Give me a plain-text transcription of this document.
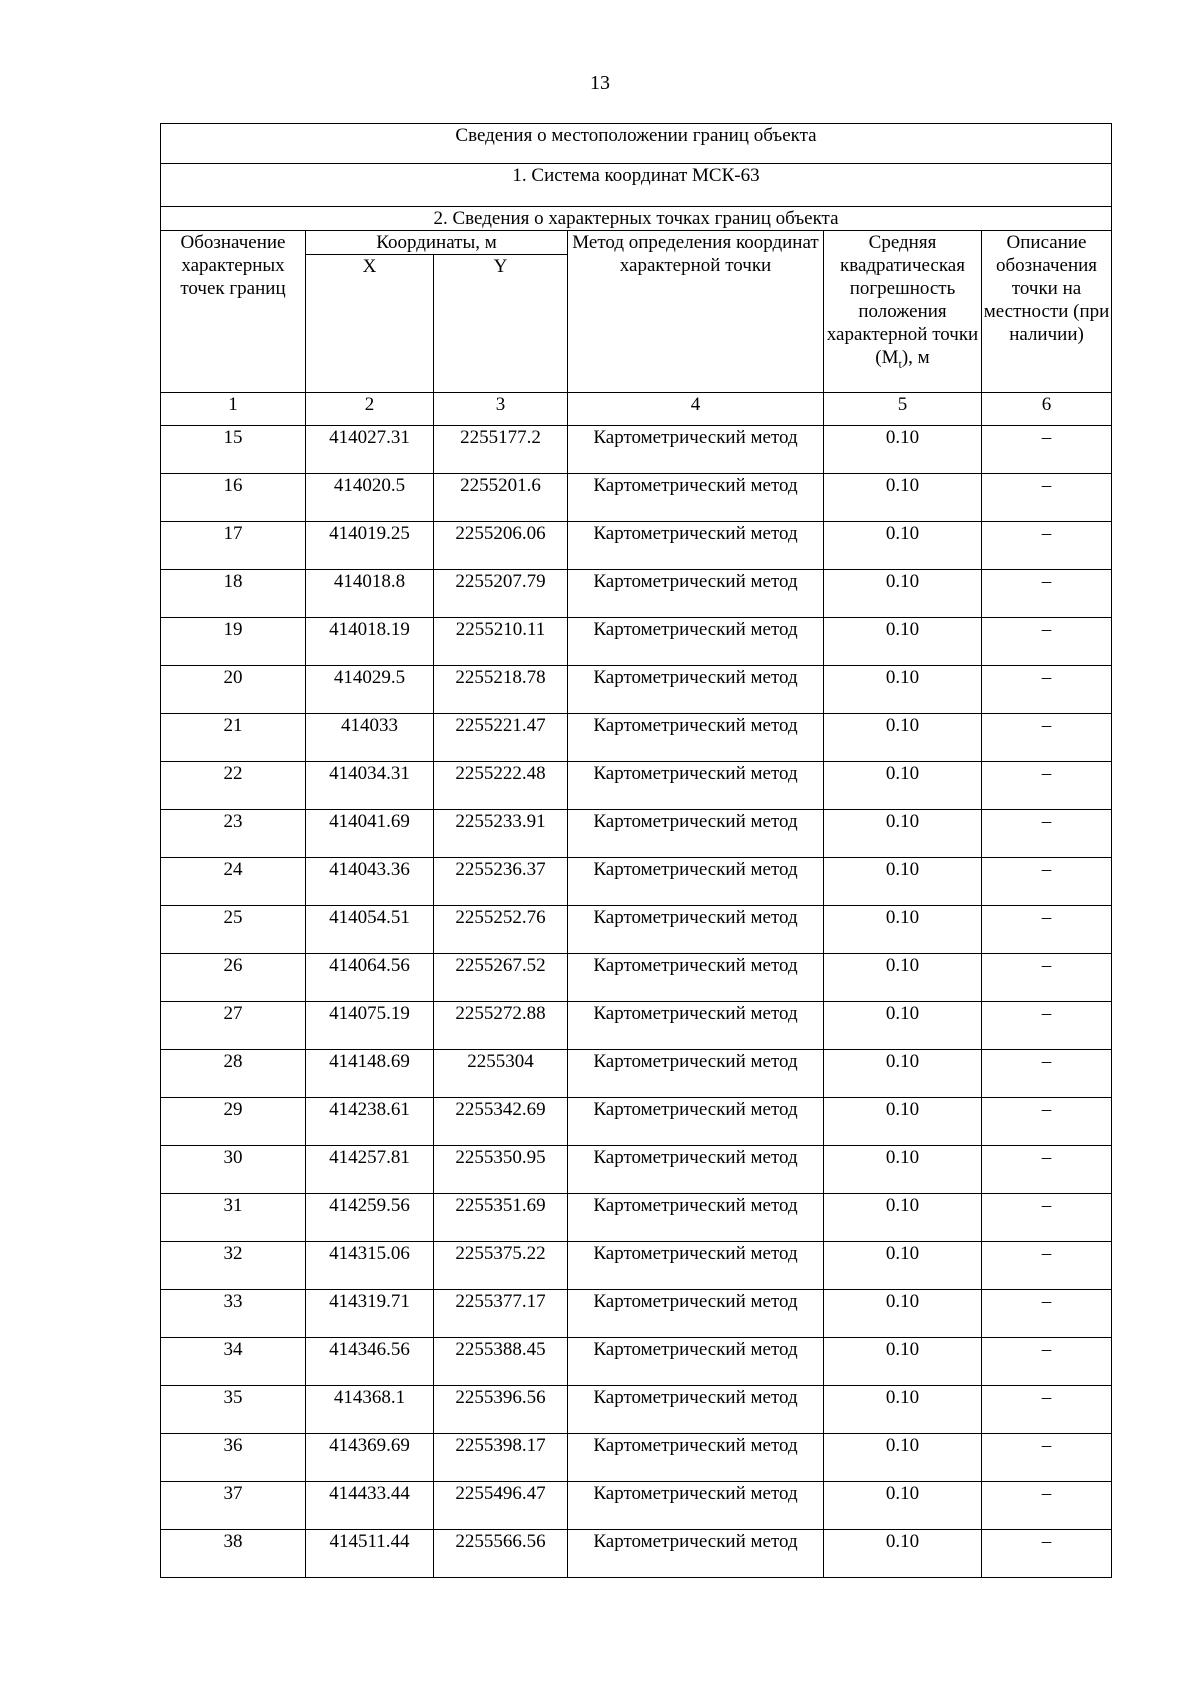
13
Сведения о местоположении границ объекта					
1. Система координат МСК-63					
2. Сведения о характерных точках границ объекта					
Обозначение характерных точек границ	Координаты, м		Метод определения координат характерной точки	Средняя квадратическая погрешность положения характерной точки $(M_t)$, м	Описание обозначения точки на местности (при наличии)
	X	Y			
1	2	3	4	5	6
15	414027.31	2255177.2	Картометрический метод	0.10	–
16	414020.5	2255201.6	Картометрический метод	0.10	–
17	414019.25	2255206.06	Картометрический метод	0.10	–
18	414018.8	2255207.79	Картометрический метод	0.10	–
19	414018.19	2255210.11	Картометрический метод	0.10	–
20	414029.5	2255218.78	Картометрический метод	0.10	–
21	414033	2255221.47	Картометрический метод	0.10	–
22	414034.31	2255222.48	Картометрический метод	0.10	–
23	414041.69	2255233.91	Картометрический метод	0.10	–
24	414043.36	2255236.37	Картометрический метод	0.10	–
25	414054.51	2255252.76	Картометрический метод	0.10	–
26	414064.56	2255267.52	Картометрический метод	0.10	–
27	414075.19	2255272.88	Картометрический метод	0.10	–
28	414148.69	2255304	Картометрический метод	0.10	–
29	414238.61	2255342.69	Картометрический метод	0.10	–
30	414257.81	2255350.95	Картометрический метод	0.10	–
31	414259.56	2255351.69	Картометрический метод	0.10	–
32	414315.06	2255375.22	Картометрический метод	0.10	–
33	414319.71	2255377.17	Картометрический метод	0.10	–
34	414346.56	2255388.45	Картометрический метод	0.10	–
35	414368.1	2255396.56	Картометрический метод	0.10	–
36	414369.69	2255398.17	Картометрический метод	0.10	–
37	414433.44	2255496.47	Картометрический метод	0.10	–
38	414511.44	2255566.56	Картометрический метод	0.10	–
